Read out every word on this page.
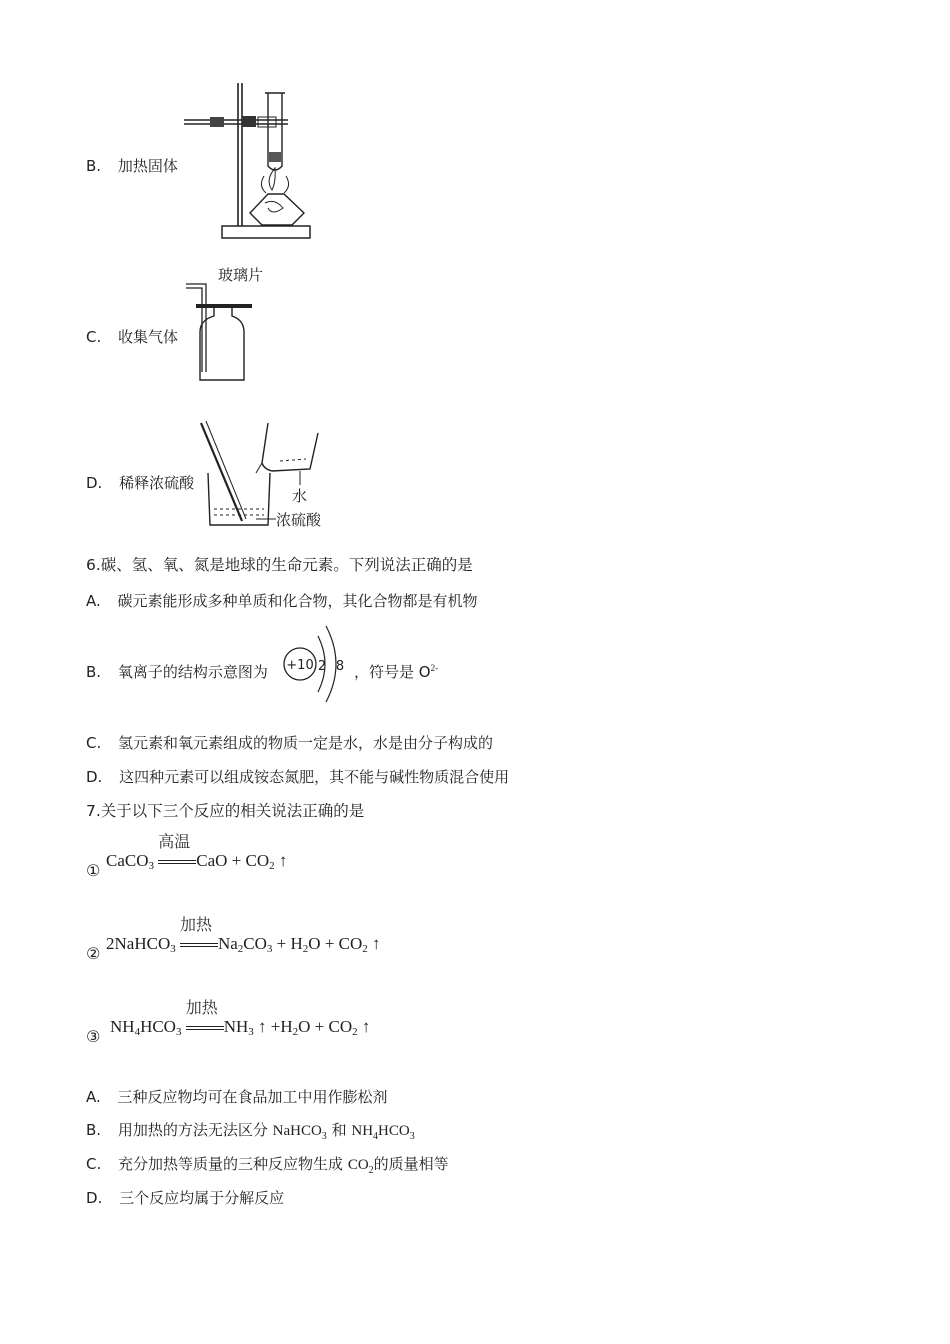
B. 加热固体
C. 收集气体
玻璃片
D. 稀释浓硫酸
水
浓硫酸
6.碳、氢、氧、氮是地球的生命元素。下列说法正确的是
A. 碳元素能形成多种单质和化合物，其化合物都是有机物
B. 氧离子的结构示意图为 +10 2 8 ，符号是 $O^{2-}$
C. 氢元素和氧元素组成的物质一定是水，水是由分子构成的
D. 这四种元素可以组成铵态氮肥，其不能与碱性物质混合使用
7.关于以下三个反应的相关说法正确的是
①
CaCO$_3$
高温
CaO + $CO_2$ ↑
②
2NaHCO$_3$
加热
$Na_2CO_3 + H_2O + CO_2$ ↑
③
$NH_4HCO_3$
加热
$NH_3$ ↑ $+H_2O + CO_2$ ↑
A. 三种反应物均可在食品加工中用作膨松剂
B. 用加热的方法无法区分 NaHCO$_3$ 和 $NH_4HCO_3$
C. 充分加热等质量的三种反应物生成 $CO_2$的质量相等
D. 三个反应均属于分解反应
